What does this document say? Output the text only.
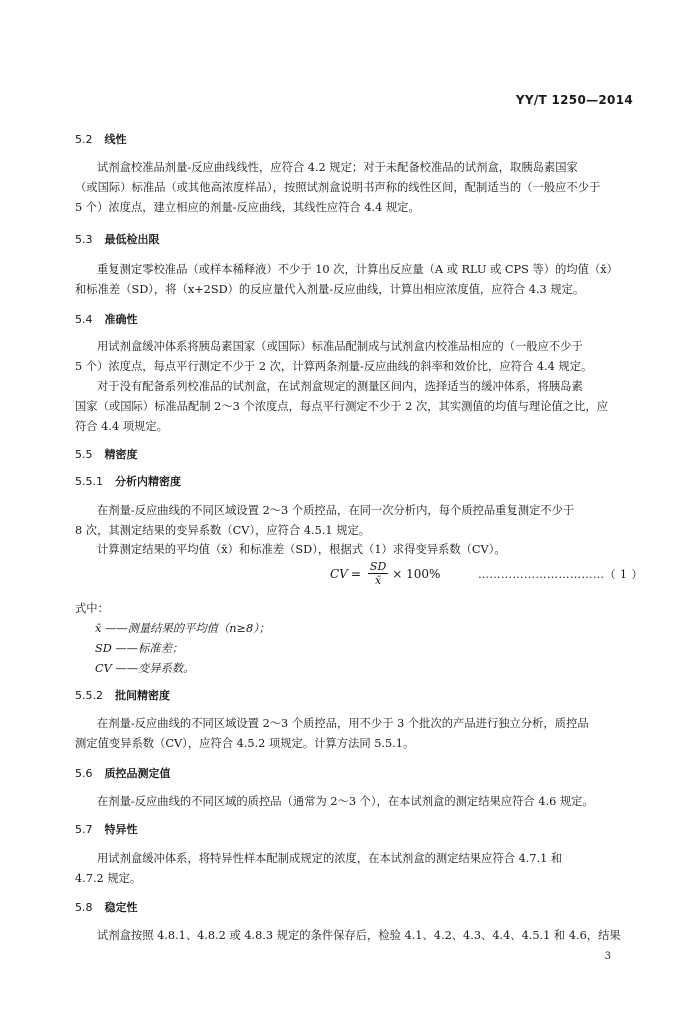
YY/T 1250—2014
5.2 线性
试剂盒校准品剂量-反应曲线线性，应符合 4.2 规定；对于未配备校准品的试剂盒，取胰岛素国家
（或国际）标准品（或其他高浓度样品），按照试剂盒说明书声称的线性区间，配制适当的（一般应不少于
5 个）浓度点，建立相应的剂量-反应曲线，其线性应符合 4.4 规定。
5.3 最低检出限
重复测定零校准品（或样本稀释液）不少于 10 次，计算出反应量（A 或 RLU 或 CPS 等）的均值（x̄）
和标准差（SD），将（x+2SD）的反应量代入剂量-反应曲线，计算出相应浓度值，应符合 4.3 规定。
5.4 准确性
用试剂盒缓冲体系将胰岛素国家（或国际）标准品配制成与试剂盒内校准品相应的（一般应不少于
5 个）浓度点，每点平行测定不少于 2 次，计算两条剂量-反应曲线的斜率和效价比，应符合 4.4 规定。
对于没有配备系列校准品的试剂盒，在试剂盒规定的测量区间内，选择适当的缓冲体系，将胰岛素
国家（或国际）标准品配制 2～3 个浓度点，每点平行测定不少于 2 次，其实测值的均值与理论值之比，应
符合 4.4 项规定。
5.5 精密度
5.5.1 分析内精密度
在剂量-反应曲线的不同区域设置 2～3 个质控品，在同一次分析内，每个质控品重复测定不少于
8 次，其测定结果的变异系数（CV），应符合 4.5.1 规定。
计算测定结果的平均值（x̄）和标准差（SD），根据式（1）求得变异系数（CV）。
CV = $\frac{SD}{x̄} \times 100\%$	……………………………（ 1 ）
式中：
x̄ ——测量结果的平均值（n≥8）；
SD ——标准差；
CV ——变异系数。
5.5.2 批间精密度
在剂量-反应曲线的不同区域设置 2～3 个质控品，用不少于 3 个批次的产品进行独立分析，质控品
测定值变异系数（CV），应符合 4.5.2 项规定。计算方法同 5.5.1。
5.6 质控品测定值
在剂量-反应曲线的不同区域的质控品（通常为 2～3 个），在本试剂盒的测定结果应符合 4.6 规定。
5.7 特异性
用试剂盒缓冲体系，将特异性样本配制成规定的浓度，在本试剂盒的测定结果应符合 4.7.1 和
4.7.2 规定。
5.8 稳定性
试剂盒按照 4.8.1、4.8.2 或 4.8.3 规定的条件保存后，检验 4.1、4.2、4.3、4.4、4.5.1 和 4.6，结果
3
